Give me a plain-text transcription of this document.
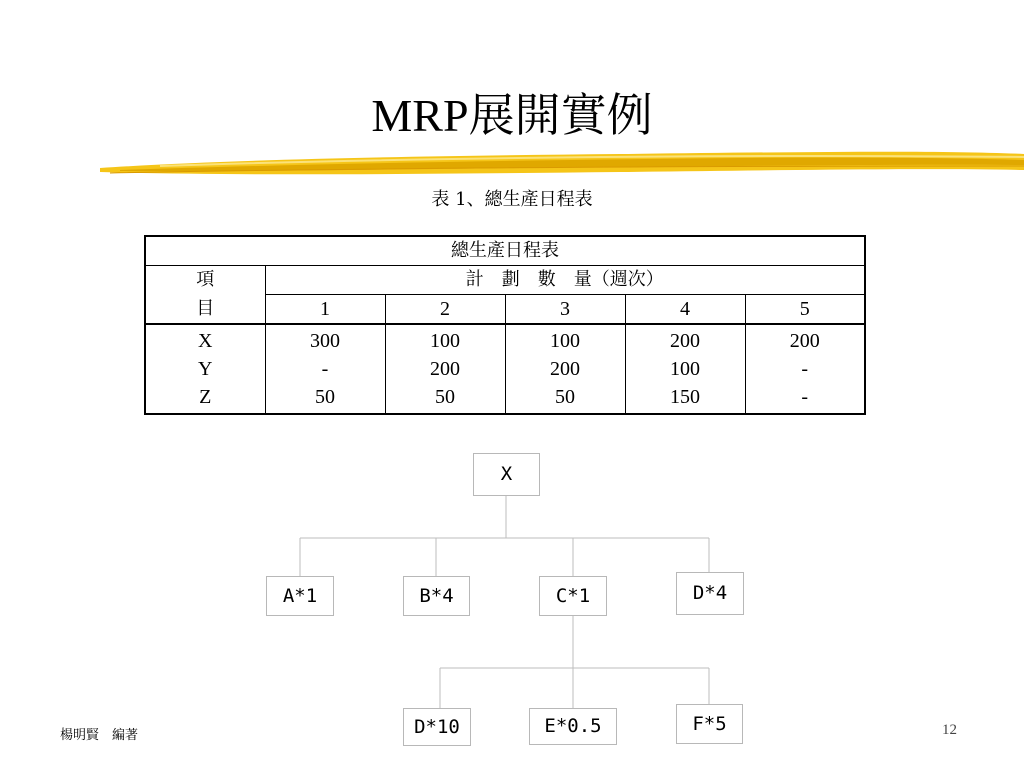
MRP展開實例
表 1、總生產日程表
總生產日程表					
項	計　劃　數　量（週次）				
目	1	2	3	4	5
X	300	100	100	200	200
Y	-	200	200	100	-
Z	50	50	50	150	-
X
A*1	B*4	C*1	D*4
D*10	E*0.5	F*5
楊明賢　編著	12
